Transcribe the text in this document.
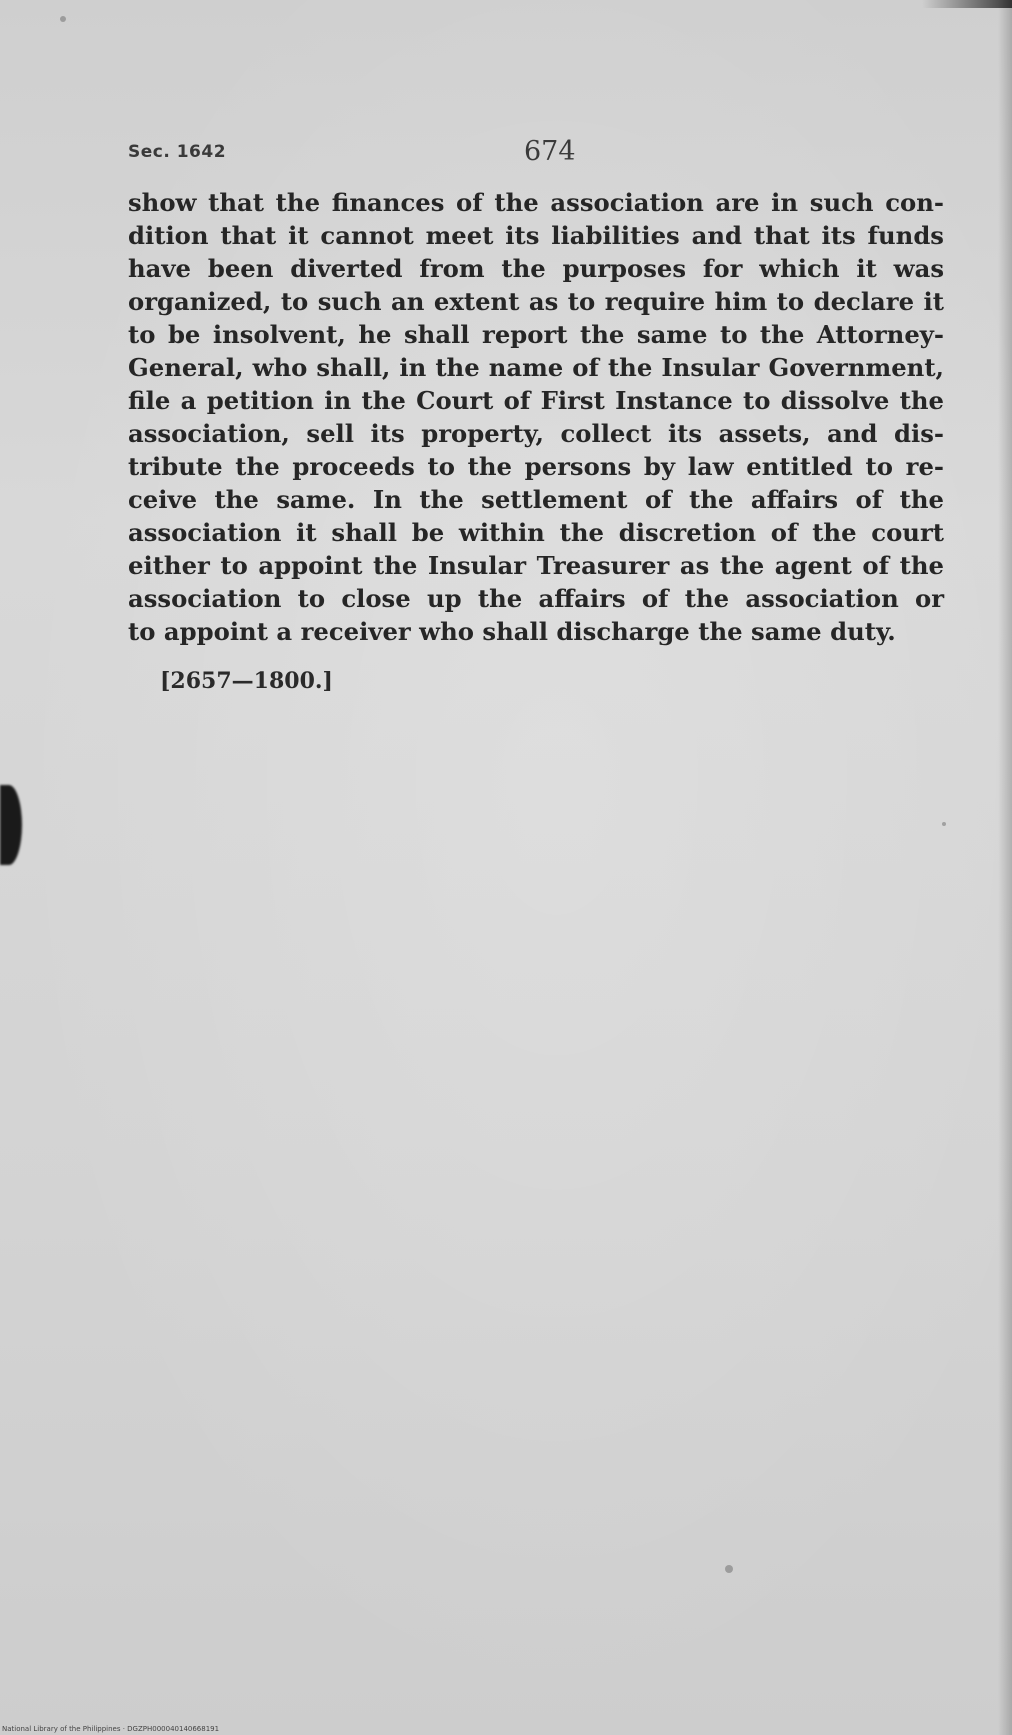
Sec. 1642	674
show that the finances of the association are in such con-
dition that it cannot meet its liabilities and that its funds
have been diverted from the purposes for which it was
organized, to such an extent as to require him to declare it
to be insolvent, he shall report the same to the Attorney-
General, who shall, in the name of the Insular Government,
file a petition in the Court of First Instance to dissolve the
association, sell its property, collect its assets, and dis-
tribute the proceeds to the persons by law entitled to re-
ceive the same. In the settlement of the affairs of the
association it shall be within the discretion of the court
either to appoint the Insular Treasurer as the agent of the
association to close up the affairs of the association or
to appoint a receiver who shall discharge the same duty.
[2657—1800.]
National Library of the Philippines · DGZPH000040140668191
